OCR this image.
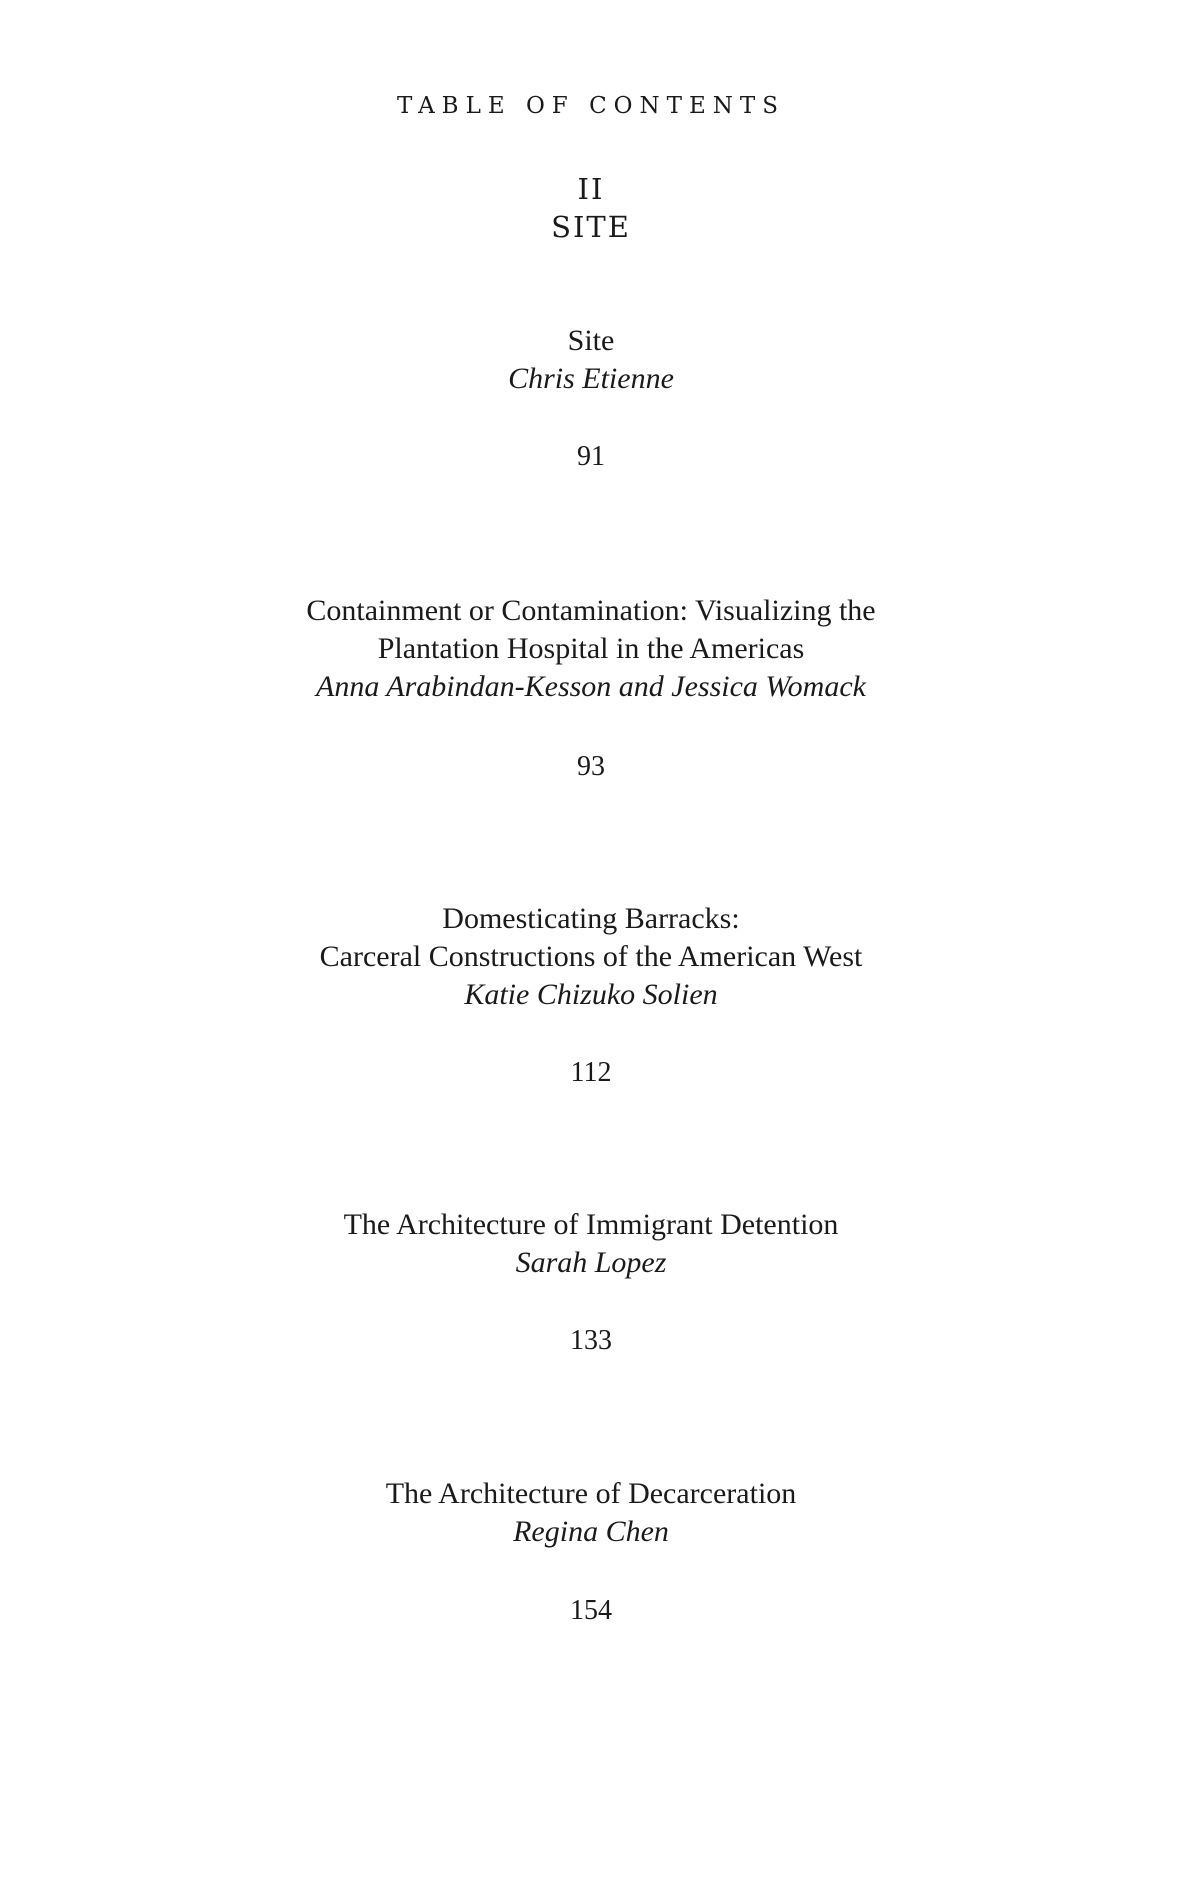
TABLE OF CONTENTS
II
SITE
Site
Chris Etienne
91
Containment or Contamination: Visualizing the
Plantation Hospital in the Americas
Anna Arabindan-Kesson and Jessica Womack
93
Domesticating Barracks:
Carceral Constructions of the American West
Katie Chizuko Solien
112
The Architecture of Immigrant Detention
Sarah Lopez
133
The Architecture of Decarceration
Regina Chen
154
